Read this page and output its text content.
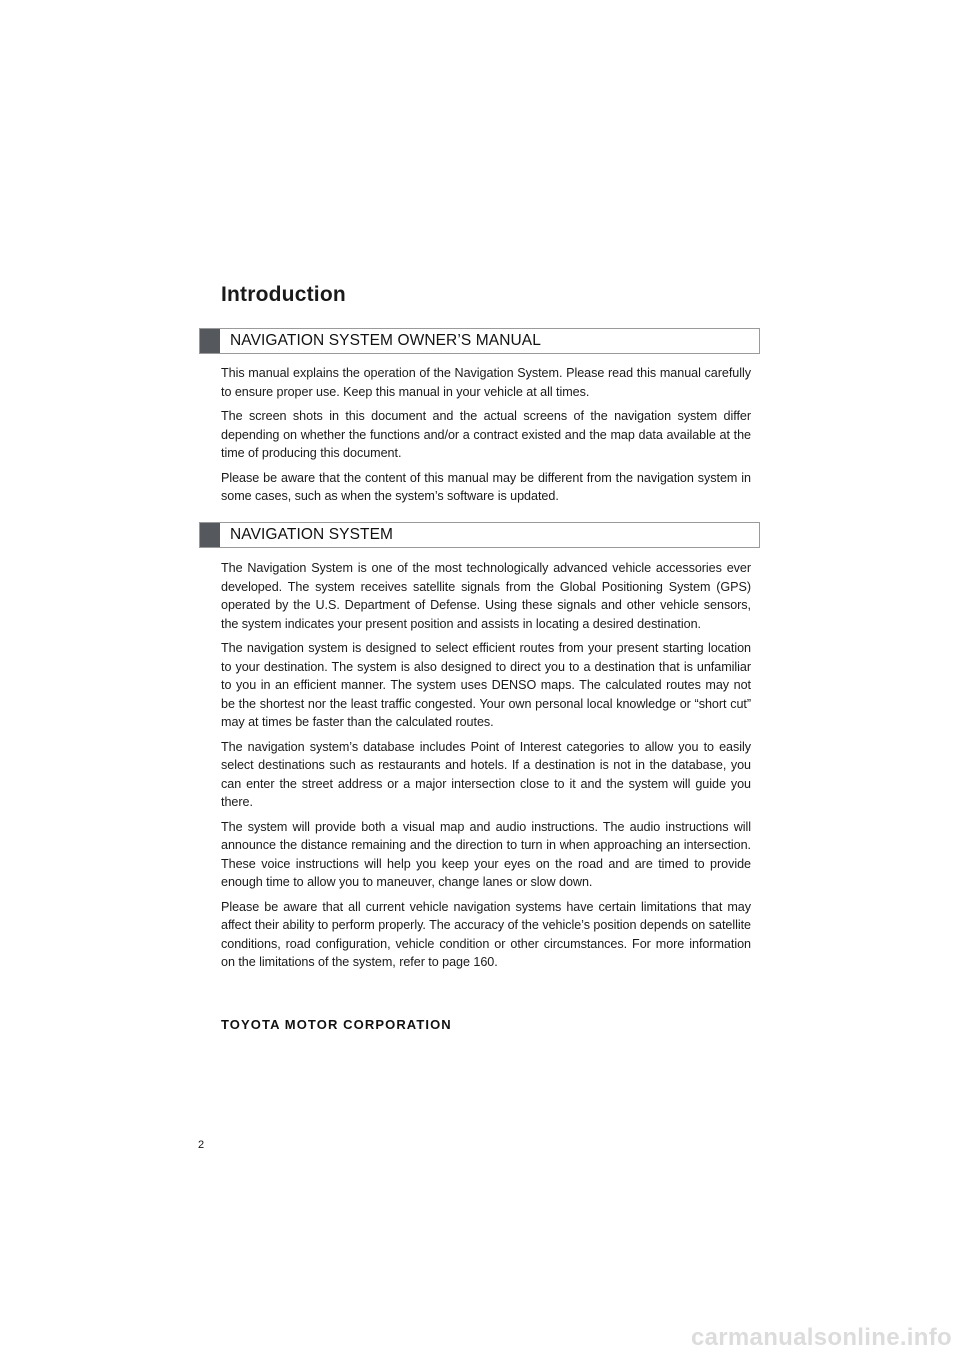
Introduction
NAVIGATION SYSTEM OWNER’S MANUAL

This manual explains the operation of the Navigation System. Please read this manual carefully to ensure proper use. Keep this manual in your vehicle at all times.

The screen shots in this document and the actual screens of the navigation system differ depending on whether the functions and/or a contract existed and the map data available at the time of producing this document.

Please be aware that the content of this manual may be different from the navigation system in some cases, such as when the system’s software is updated.

NAVIGATION SYSTEM

The Navigation System is one of the most technologically advanced vehicle accessories ever developed. The system receives satellite signals from the Global Positioning System (GPS) operated by the U.S. Department of Defense. Using these signals and other vehicle sensors, the system indicates your present position and assists in locating a desired destination.

The navigation system is designed to select efficient routes from your present starting location to your destination. The system is also designed to direct you to a destination that is unfamiliar to you in an efficient manner. The system uses DENSO maps. The calculated routes may not be the shortest nor the least traffic congested. Your own personal local knowledge or “short cut” may at times be faster than the calculated routes.

The navigation system’s database includes Point of Interest categories to allow you to easily select destinations such as restaurants and hotels. If a destination is not in the database, you can enter the street address or a major intersection close to it and the system will guide you there.

The system will provide both a visual map and audio instructions. The audio instructions will announce the distance remaining and the direction to turn in when approaching an intersection. These voice instructions will help you keep your eyes on the road and are timed to provide enough time to allow you to maneuver, change lanes or slow down.

Please be aware that all current vehicle navigation systems have certain limitations that may affect their ability to perform properly. The accuracy of the vehicle’s position depends on satellite conditions, road configuration, vehicle condition or other circumstances. For more information on the limitations of the system, refer to page 160.

TOYOTA MOTOR CORPORATION
2
carmanualsonline.info
